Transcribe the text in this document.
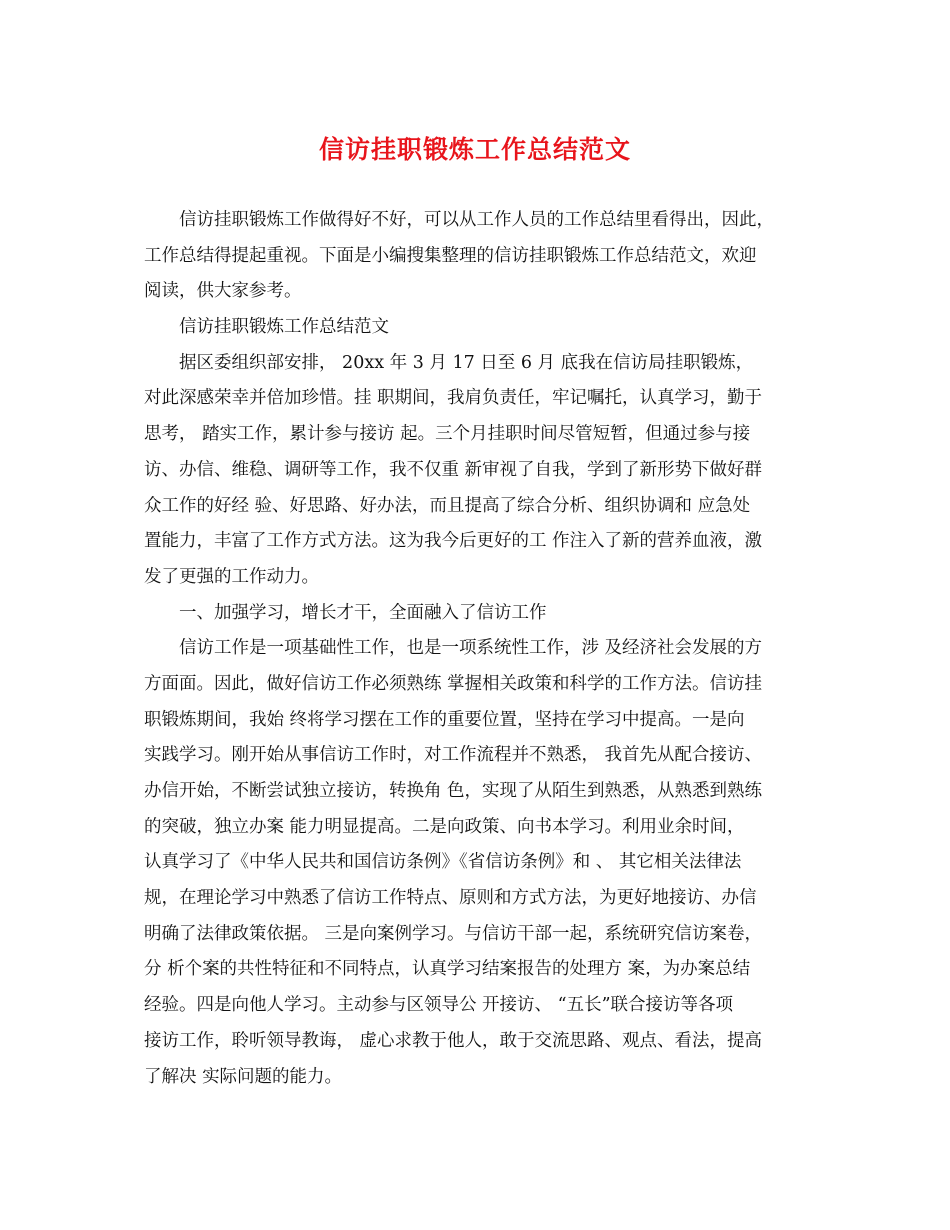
信访挂职锻炼工作总结范文
信访挂职锻炼工作做得好不好，可以从工作人员的工作总结里看得出，因此，
工作总结得提起重视。下面是小编搜集整理的信访挂职锻炼工作总结范文，欢迎
阅读，供大家参考。
信访挂职锻炼工作总结范文
据区委组织部安排， 20xx 年 3 月 17 日至 6 月 底我在信访局挂职锻炼，
对此深感荣幸并倍加珍惜。挂 职期间，我肩负责任，牢记嘱托，认真学习，勤于
思考， 踏实工作，累计参与接访 起。三个月挂职时间尽管短暂，但通过参与接
访、办信、维稳、调研等工作，我不仅重 新审视了自我，学到了新形势下做好群
众工作的好经 验、好思路、好办法，而且提高了综合分析、组织协调和 应急处
置能力，丰富了工作方式方法。这为我今后更好的工 作注入了新的营养血液，激
发了更强的工作动力。
一、加强学习，增长才干，全面融入了信访工作
信访工作是一项基础性工作，也是一项系统性工作，涉 及经济社会发展的方
方面面。因此，做好信访工作必须熟练 掌握相关政策和科学的工作方法。信访挂
职锻炼期间，我始 终将学习摆在工作的重要位置，坚持在学习中提高。一是向
实践学习。刚开始从事信访工作时，对工作流程并不熟悉， 我首先从配合接访、
办信开始，不断尝试独立接访，转换角 色，实现了从陌生到熟悉，从熟悉到熟练
的突破，独立办案 能力明显提高。二是向政策、向书本学习。利用业余时间，
认真学习了《中华人民共和国信访条例》《省信访条例》和 、 其它相关法律法
规，在理论学习中熟悉了信访工作特点、原则和方式方法，为更好地接访、办信
明确了法律政策依据。 三是向案例学习。与信访干部一起，系统研究信访案卷，
分 析个案的共性特征和不同特点，认真学习结案报告的处理方 案，为办案总结
经验。四是向他人学习。主动参与区领导公 开接访、 “五长”联合接访等各项
接访工作，聆听领导教诲， 虚心求教于他人，敢于交流思路、观点、看法，提高
了解决 实际问题的能力。
